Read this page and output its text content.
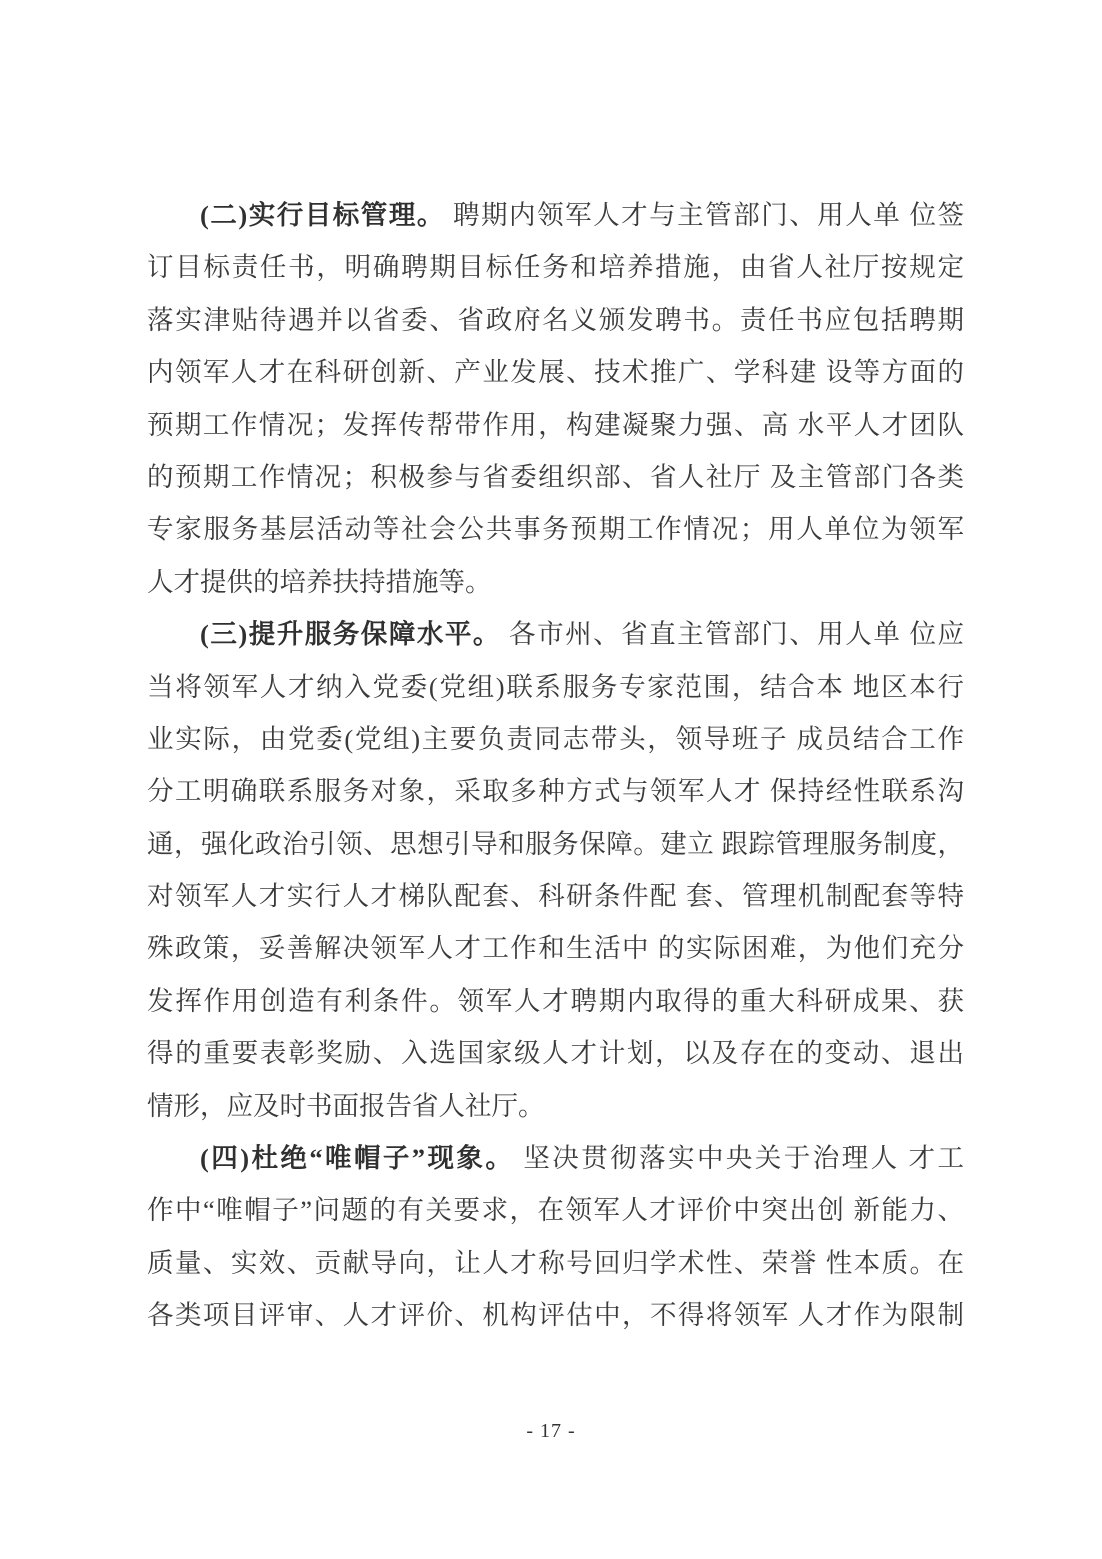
(二)实行目标管理。 聘期内领军人才与主管部门、用人单 位签
订目标责任书，明确聘期目标任务和培养措施，由省人社厅按规定
落实津贴待遇并以省委、省政府名义颁发聘书。责任书应包括聘期
内领军人才在科研创新、产业发展、技术推广、学科建 设等方面的
预期工作情况；发挥传帮带作用，构建凝聚力强、高 水平人才团队
的预期工作情况；积极参与省委组织部、省人社厅 及主管部门各类
专家服务基层活动等社会公共事务预期工作情况；用人单位为领军
人才提供的培养扶持措施等。
(三)提升服务保障水平。 各市州、省直主管部门、用人单 位应
当将领军人才纳入党委(党组)联系服务专家范围，结合本 地区本行
业实际，由党委(党组)主要负责同志带头，领导班子 成员结合工作
分工明确联系服务对象，采取多种方式与领军人才 保持经性联系沟
通，强化政治引领、思想引导和服务保障。建立 跟踪管理服务制度，
对领军人才实行人才梯队配套、科研条件配 套、管理机制配套等特
殊政策，妥善解决领军人才工作和生活中 的实际困难，为他们充分
发挥作用创造有利条件。领军人才聘期内取得的重大科研成果、获
得的重要表彰奖励、入选国家级人才计划，以及存在的变动、退出
情形，应及时书面报告省人社厅。
(四)杜绝“唯帽子”现象。 坚决贯彻落实中央关于治理人 才工
作中“唯帽子”问题的有关要求，在领军人才评价中突出创 新能力、
质量、实效、贡献导向，让人才称号回归学术性、荣誉 性本质。在
各类项目评审、人才评价、机构评估中，不得将领军 人才作为限制
- 17 -
